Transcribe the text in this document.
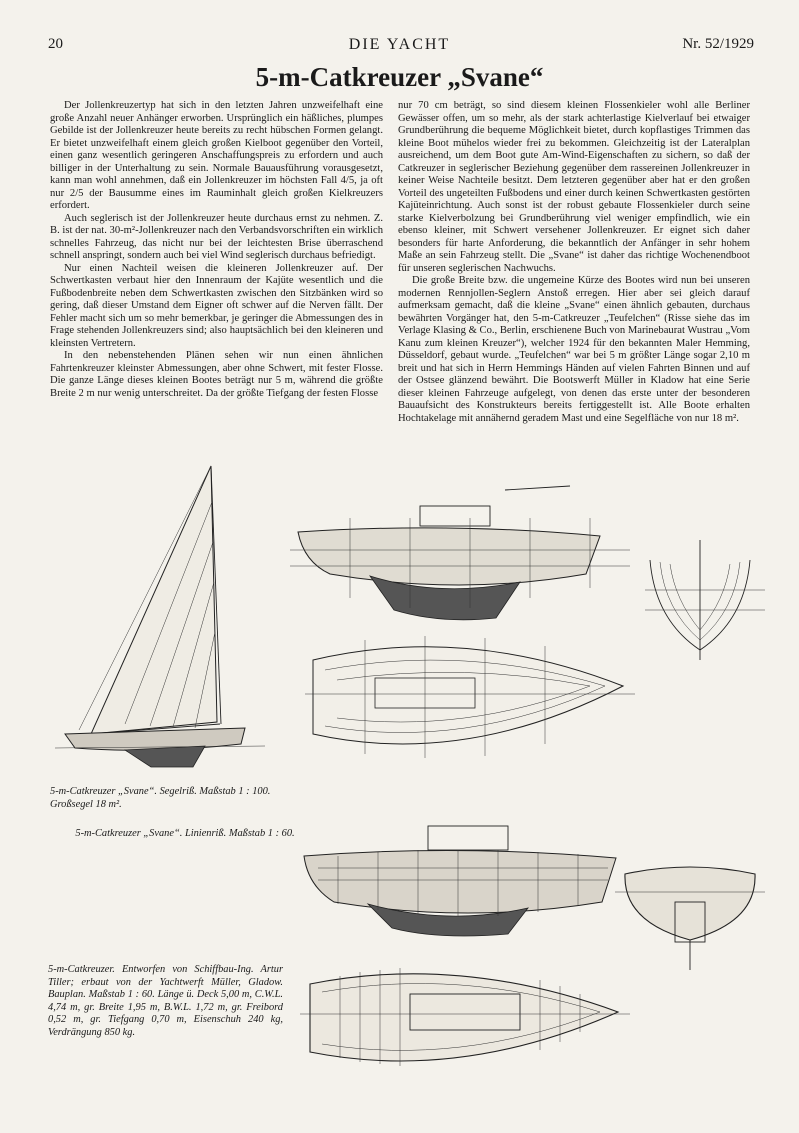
20	DIE YACHT	Nr. 52/1929
5-m-Catkreuzer „Svane“

Der Jollenkreuzertyp hat sich in den letzten Jahren unzweifelhaft eine große Anzahl neuer Anhänger erworben. Ursprünglich ein häßliches, plumpes Gebilde ist der Jollenkreuzer heute bereits zu recht hübschen Formen gelangt. Er bietet unzweifelhaft einem gleich großen Kielboot gegenüber den Vorteil, einen ganz wesentlich geringeren Anschaffungspreis zu erfordern und auch billiger in der Unterhaltung zu sein. Normale Bauausführung vorausgesetzt, kann man wohl annehmen, daß ein Jollenkreuzer im höchsten Fall 4/5, ja oft nur 2/5 der Bausumme eines im Rauminhalt gleich großen Kielkreuzers erfordert.

Auch seglerisch ist der Jollenkreuzer heute durchaus ernst zu nehmen. Z. B. ist der nat. 30-m²-Jollenkreuzer nach den Verbandsvorschriften ein wirklich schnelles Fahrzeug, das nicht nur bei der leichtesten Brise überraschend schnell anspringt, sondern auch bei viel Wind seglerisch durchaus befriedigt.

Nur einen Nachteil weisen die kleineren Jollenkreuzer auf. Der Schwertkasten verbaut hier den Innenraum der Kajüte wesentlich und die Fußbodenbreite neben dem Schwertkasten zwischen den Sitzbänken wird so gering, daß dieser Umstand dem Eigner oft schwer auf die Nerven fällt. Der Fehler macht sich um so mehr bemerkbar, je geringer die Abmessungen des in Frage stehenden Jollenkreuzers sind; also hauptsächlich bei den kleineren und kleinsten Vertretern.

In den nebenstehenden Plänen sehen wir nun einen ähnlichen Fahrtenkreuzer kleinster Abmessungen, aber ohne Schwert, mit fester Flosse. Die ganze Länge dieses kleinen Bootes beträgt nur 5 m, während die größte Breite 2 m nur wenig unterschreitet. Da der größte Tiefgang der festen Flosse

nur 70 cm beträgt, so sind diesem kleinen Flossenkieler wohl alle Berliner Gewässer offen, um so mehr, als der stark achterlastige Kielverlauf bei etwaiger Grundberührung die bequeme Möglichkeit bietet, durch kopflastiges Trimmen das kleine Boot mühelos wieder frei zu bekommen. Gleichzeitig ist der Lateralplan ausreichend, um dem Boot gute Am-Wind-Eigenschaften zu sichern, so daß der Catkreuzer in seglerischer Beziehung gegenüber dem rassereinen Jollenkreuzer in keiner Weise Nachteile besitzt. Dem letzteren gegenüber aber hat er den großen Vorteil des ungeteilten Fußbodens und einer durch keinen Schwertkasten gestörten Kajüteinrichtung. Auch sonst ist der robust gebaute Flossenkieler durch seine starke Kielverbolzung bei Grundberührung viel weniger empfindlich, wie ein ebenso kleiner, mit Schwert versehener Jollenkreuzer. Er eignet sich daher besonders für harte Anforderung, die bekanntlich der Anfänger in sehr hohem Maße an sein Fahrzeug stellt. Die „Svane“ ist daher das richtige Wochenendboot für unseren seglerischen Nachwuchs.

Die große Breite bzw. die ungemeine Kürze des Bootes wird nun bei unseren modernen Rennjollen-Seglern Anstoß erregen. Hier aber sei gleich darauf aufmerksam gemacht, daß die kleine „Svane“ einen ähnlich gebauten, durchaus bewährten Vorgänger hat, den 5-m-Catkreuzer „Teufelchen“ (Risse siehe das im Verlage Klasing & Co., Berlin, erschienene Buch von Marinebaurat Wustrau „Vom Kanu zum kleinen Kreuzer“), welcher 1924 für den bekannten Maler Hemming, Düsseldorf, gebaut wurde. „Teufelchen“ war bei 5 m größter Länge sogar 2,10 m breit und hat sich in Herrn Hemmings Händen auf vielen Fahrten Binnen und auf der Ostsee glänzend bewährt. Die Bootswerft Müller in Kladow hat eine Serie dieser kleinen Fahrzeuge aufgelegt, von denen das erste unter der besonderen Bauaufsicht des Konstrukteurs bereits fertiggestellt ist. Alle Boote erhalten Hochtakelage mit annähernd geradem Mast und eine Segelfläche von nur 18 m².

5-m-Catkreuzer „Svane“. Segelriß. Maßstab 1 : 100. Großsegel 18 m².
5-m-Catkreuzer „Svane“. Linienriß. Maßstab 1 : 60.
5-m-Catkreuzer. Entworfen von Schiffbau-Ing. Artur Tiller; erbaut von der Yachtwerft Müller, Gladow. Bauplan. Maßstab 1 : 60. Länge ü. Deck 5,00 m, C.W.L. 4,74 m, gr. Breite 1,95 m, B.W.L. 1,72 m, gr. Freibord 0,52 m, gr. Tiefgang 0,70 m, Eisenschuh 240 kg, Verdrängung 850 kg.
